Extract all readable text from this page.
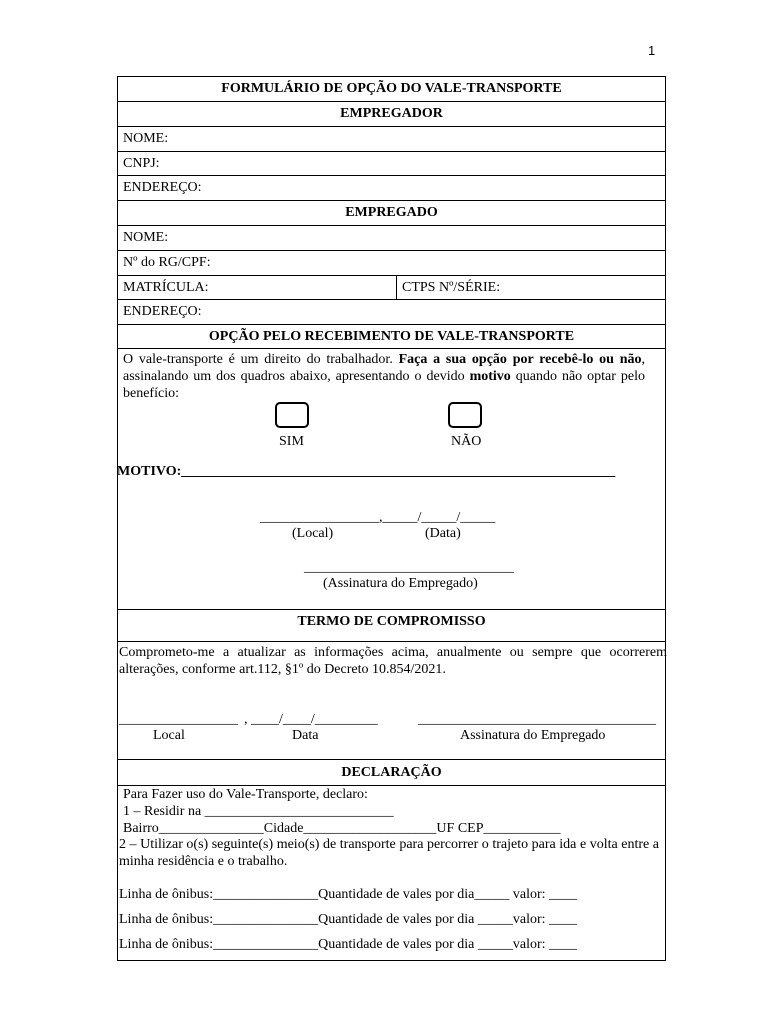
1
FORMULÁRIO DE OPÇÃO DO VALE-TRANSPORTE
EMPREGADOR
NOME:
CNPJ:
ENDEREÇO:
EMPREGADO
NOME:
Nº do RG/CPF:
MATRÍCULA:	CTPS Nº/SÉRIE:
ENDEREÇO:
OPÇÃO PELO RECEBIMENTO DE VALE-TRANSPORTE
O vale-transporte é um direito do trabalhador. Faça a sua opção por recebê-lo ou não, assinalando um dos quadros abaixo, apresentando o devido motivo quando não optar pelo benefício:
SIM	NÃO
MOTIVO:______________________________________________________________
_________________,_____/_____/_____
(Local)	(Data)
______________________________
(Assinatura do Empregado)
TERMO DE COMPROMISSO
Comprometo-me a atualizar as informações acima, anualmente ou sempre que ocorrerem alterações, conforme art.112, §1º do Decreto 10.854/2021.
_________________ , ____/____/_________	__________________________________
Local	Data	Assinatura do Empregado
DECLARAÇÃO
Para Fazer uso do Vale-Transporte, declaro:
1 – Residir na ___________________________
Bairro_______________Cidade___________________UF CEP___________
2 – Utilizar o(s) seguinte(s) meio(s) de transporte para percorrer o trajeto para ida e volta entre a minha residência e o trabalho.
Linha de ônibus:_______________Quantidade de vales por dia_____ valor: ____
Linha de ônibus:_______________Quantidade de vales por dia _____valor: ____
Linha de ônibus:_______________Quantidade de vales por dia _____valor: ____
